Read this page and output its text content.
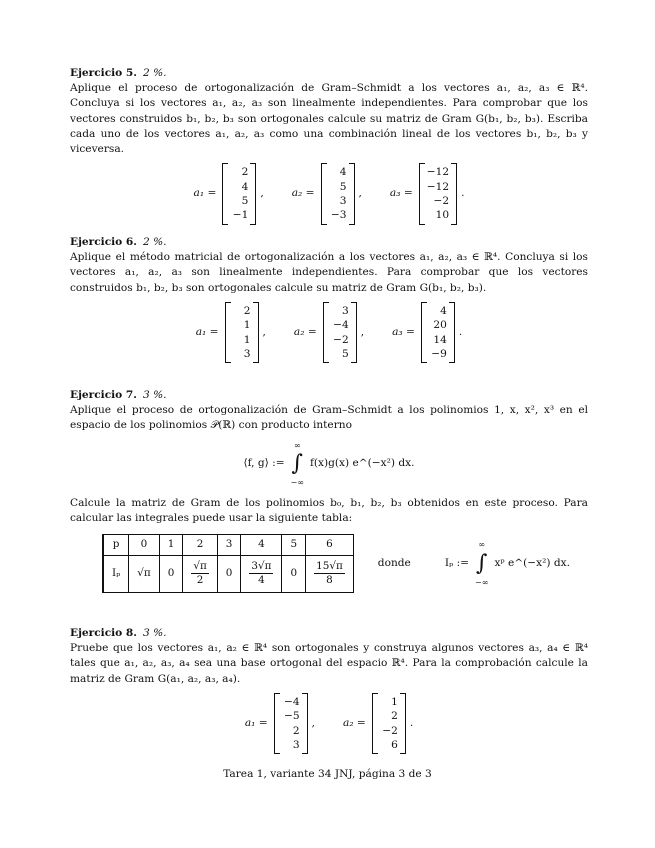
Ejercicio 5. 2 %.
Aplique el proceso de ortogonalización de Gram–Schmidt a los vectores a₁, a₂, a₃ ∈ ℝ⁴. Concluya si los vectores a₁, a₂, a₃ son linealmente independientes. Para comprobar que los vectores construidos b₁, b₂, b₃ son ortogonales calcule su matriz de Gram G(b₁, b₂, b₃). Escriba cada uno de los vectores a₁, a₂, a₃ como una combinación lineal de los vectores b₁, b₂, b₃ y viceversa.

a₁ =
2
4
5
−1
,	a₂ =
4
5
3
−3
,	a₃ =
−12
−12
−2
10
.

Ejercicio 6. 2 %.
Aplique el método matricial de ortogonalización a los vectores a₁, a₂, a₃ ∈ ℝ⁴. Concluya si los vectores a₁, a₂, a₃ son linealmente independientes. Para comprobar que los vectores construidos b₁, b₂, b₃ son ortogonales calcule su matriz de Gram G(b₁, b₂, b₃).

a₁ =
2
1
1
3
,	a₂ =
3
−4
−2
5
,	a₃ =
4
20
14
−9
.

Ejercicio 7. 3 %.
Aplique el proceso de ortogonalización de Gram–Schmidt a los polinomios 1, x, x², x³ en el espacio de los polinomios 𝒫(ℝ) con producto interno

⟨f, g⟩ :=
∞
∫
−∞
f(x)g(x) e^(−x²) dx.

Calcule la matriz de Gram de los polinomios b₀, b₁, b₂, b₃ obtenidos en este proceso. Para calcular las integrales puede usar la siguiente tabla:

p	0	1	2	3	4	5	6
Iₚ	√π	0	$\frac{√\pi}{2}$	0	$\frac{3√\pi}{4}$	0	$\frac{15√\pi}{8}$	donde	Iₚ :=
∞
∫
−∞
xᵖ e^(−x²) dx.

Ejercicio 8. 3 %.
Pruebe que los vectores a₁, a₂ ∈ ℝ⁴ son ortogonales y construya algunos vectores a₃, a₄ ∈ ℝ⁴ tales que a₁, a₂, a₃, a₄ sea una base ortogonal del espacio ℝ⁴. Para la comprobación calcule la matriz de Gram G(a₁, a₂, a₃, a₄).

a₁ =
−4
−5
2
3
,	a₂ =
1
2
−2
6
.
Tarea 1, variante 34 JNJ, página 3 de 3
